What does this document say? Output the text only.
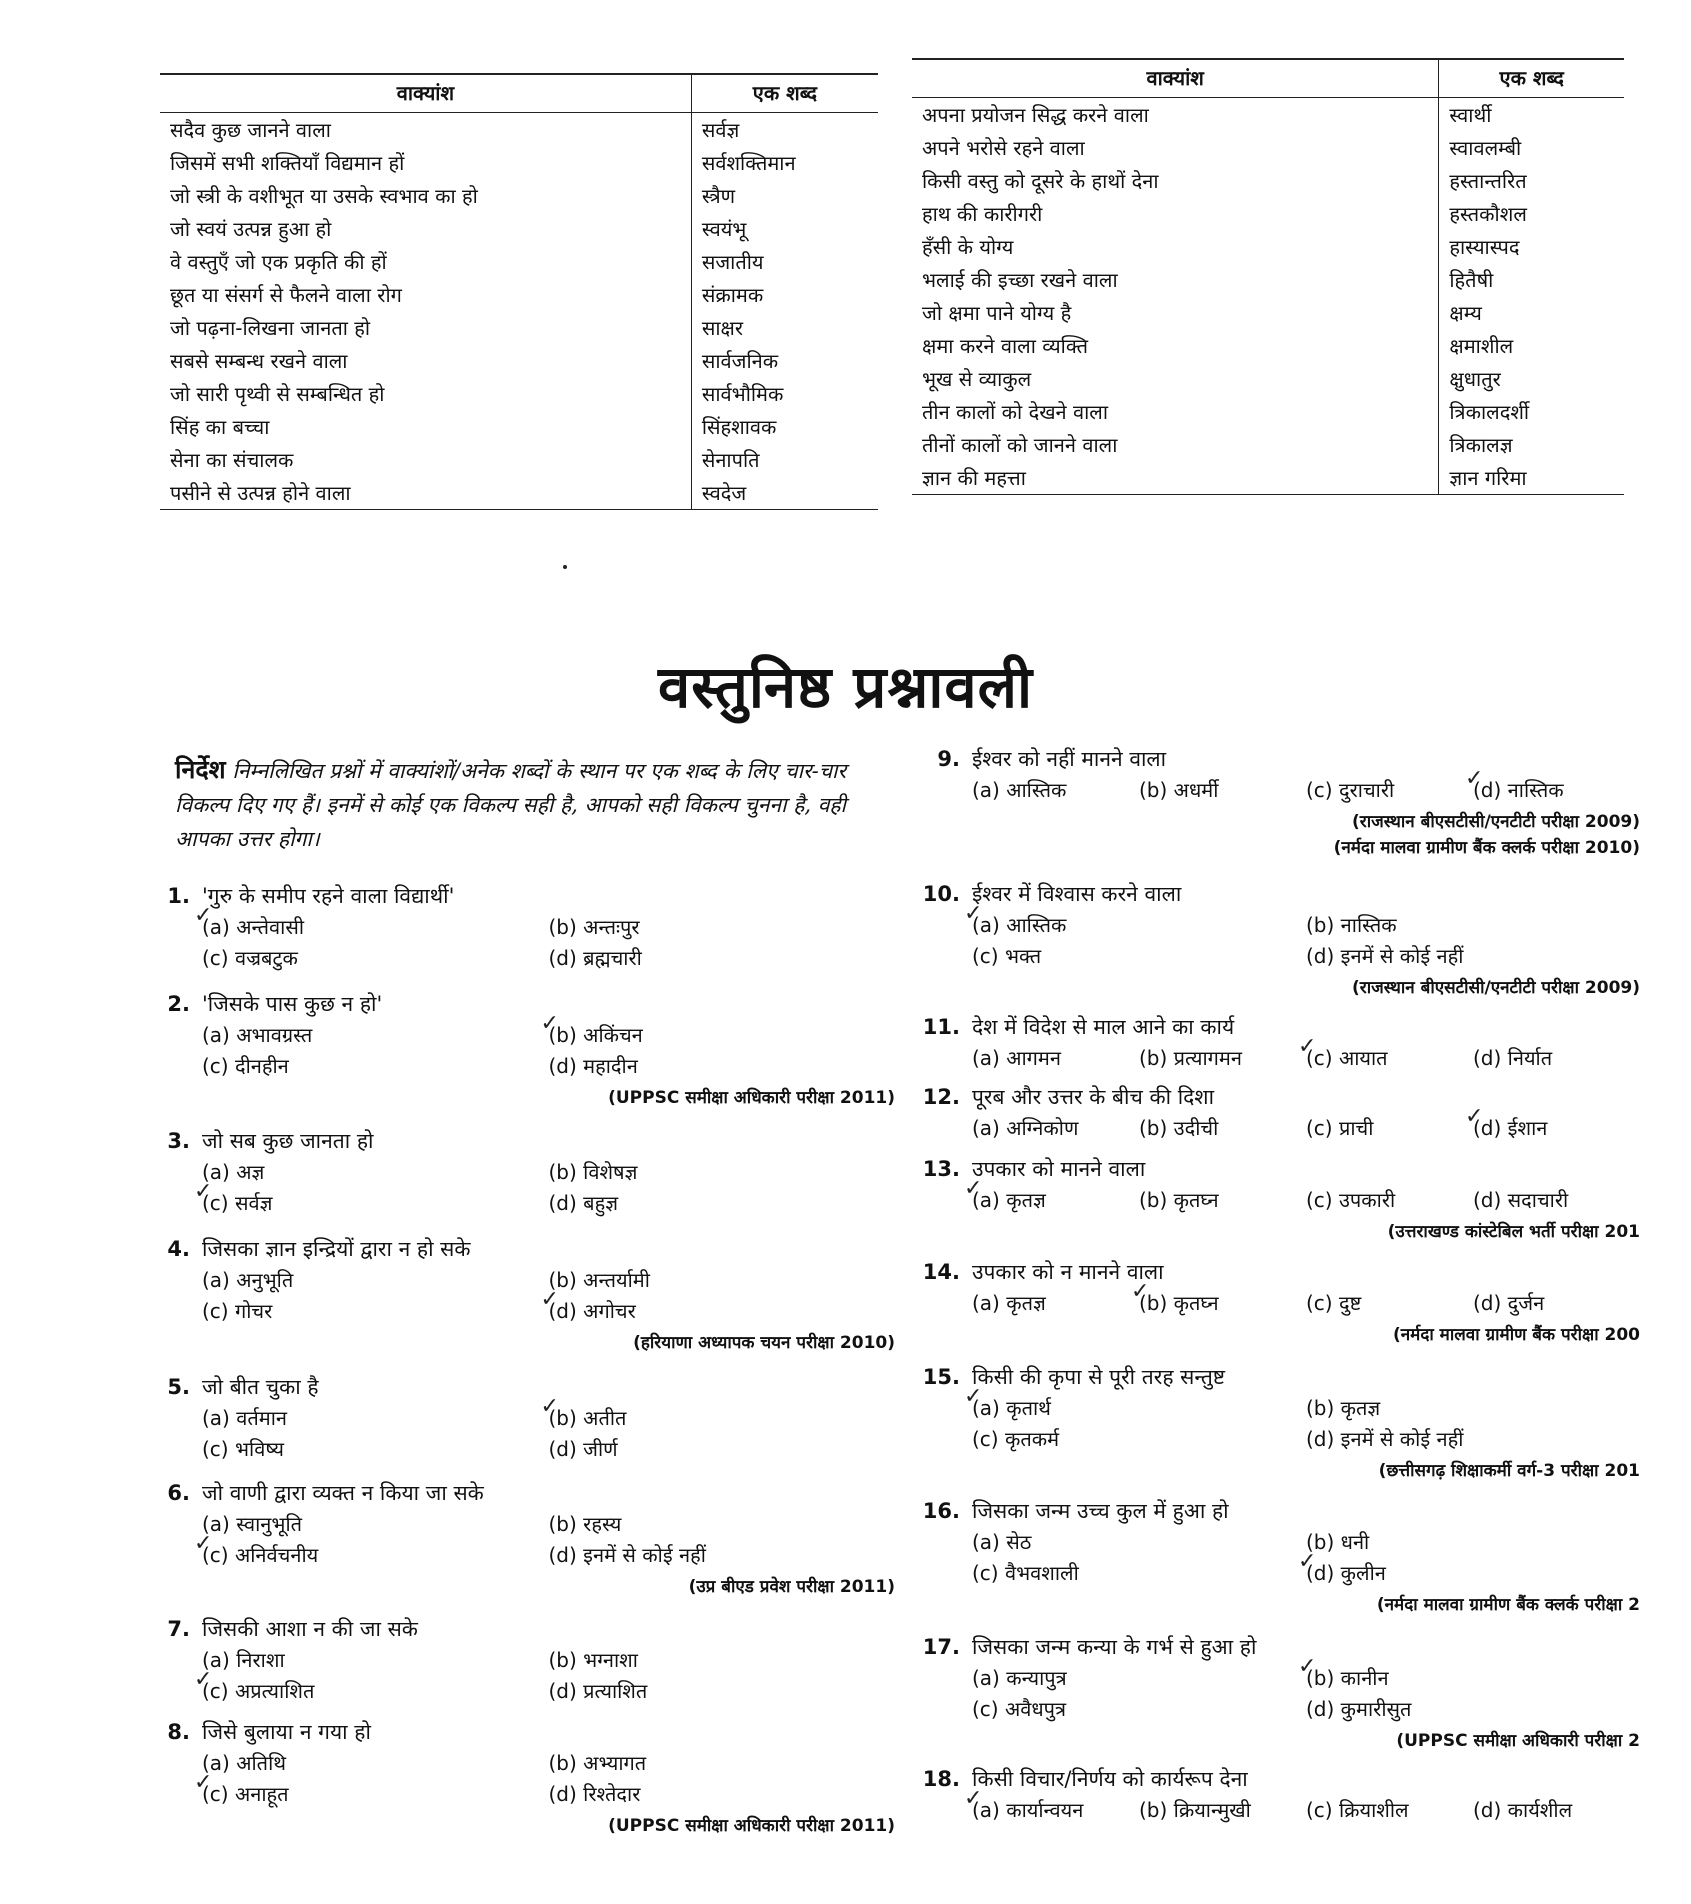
वाक्यांश	एक शब्द
सदैव कुछ जानने वाला	सर्वज्ञ
जिसमें सभी शक्तियाँ विद्यमान हों	सर्वशक्तिमान
जो स्त्री के वशीभूत या उसके स्वभाव का हो	स्त्रैण
जो स्वयं उत्पन्न हुआ हो	स्वयंभू
वे वस्तुएँ जो एक प्रकृति की हों	सजातीय
छूत या संसर्ग से फैलने वाला रोग	संक्रामक
जो पढ़ना-लिखना जानता हो	साक्षर
सबसे सम्बन्ध रखने वाला	सार्वजनिक
जो सारी पृथ्वी से सम्बन्धित हो	सार्वभौमिक
सिंह का बच्चा	सिंहशावक
सेना का संचालक	सेनापति
पसीने से उत्पन्न होने वाला	स्वदेज
वाक्यांश	एक शब्द
अपना प्रयोजन सिद्ध करने वाला	स्वार्थी
अपने भरोसे रहने वाला	स्वावलम्बी
किसी वस्तु को दूसरे के हाथों देना	हस्तान्तरित
हाथ की कारीगरी	हस्तकौशल
हँसी के योग्य	हास्यास्पद
भलाई की इच्छा रखने वाला	हितैषी
जो क्षमा पाने योग्य है	क्षम्य
क्षमा करने वाला व्यक्ति	क्षमाशील
भूख से व्याकुल	क्षुधातुर
तीन कालों को देखने वाला	त्रिकालदर्शी
तीनों कालों को जानने वाला	त्रिकालज्ञ
ज्ञान की महत्ता	ज्ञान गरिमा
वस्तुनिष्ठ प्रश्नावली
निर्देश निम्नलिखित प्रश्नों में वाक्यांशों/अनेक शब्दों के स्थान पर एक शब्द के लिए चार-चार विकल्प दिए गए हैं। इनमें से कोई एक विकल्प सही है, आपको सही विकल्प चुनना है, वही आपका उत्तर होगा।
1. 'गुरु के समीप रहने वाला विद्यार्थी'
(a) अन्तेवासी ✓	(b) अन्तःपुर
(c) वज्रबटुक	(d) ब्रह्मचारी
2. 'जिसके पास कुछ न हो'
(a) अभावग्रस्त	(b) अकिंचन ✓
(c) दीनहीन	(d) महादीन
(UPPSC समीक्षा अधिकारी परीक्षा 2011)
3. जो सब कुछ जानता हो
(a) अज्ञ	(b) विशेषज्ञ
(c) सर्वज्ञ ✓	(d) बहुज्ञ
4. जिसका ज्ञान इन्द्रियों द्वारा न हो सके
(a) अनुभूति	(b) अन्तर्यामी
(c) गोचर	(d) अगोचर ✓
(हरियाणा अध्यापक चयन परीक्षा 2010)
5. जो बीत चुका है
(a) वर्तमान	(b) अतीत ✓
(c) भविष्य	(d) जीर्ण
6. जो वाणी द्वारा व्यक्त न किया जा सके
(a) स्वानुभूति	(b) रहस्य
(c) अनिर्वचनीय ✓	(d) इनमें से कोई नहीं
(उप्र बीएड प्रवेश परीक्षा 2011)
7. जिसकी आशा न की जा सके
(a) निराशा	(b) भग्नाशा
(c) अप्रत्याशित ✓	(d) प्रत्याशित
8. जिसे बुलाया न गया हो
(a) अतिथि	(b) अभ्यागत
(c) अनाहूत ✓	(d) रिश्तेदार
(UPPSC समीक्षा अधिकारी परीक्षा 2011)
9. ईश्वर को नहीं मानने वाला
(a) आस्तिक	(b) अधर्मी	(c) दुराचारी	(d) नास्तिक ✓
(राजस्थान बीएसटीसी/एनटीटी परीक्षा 2009)
(नर्मदा मालवा ग्रामीण बैंक क्लर्क परीक्षा 2010)
10. ईश्वर में विश्वास करने वाला
(a) आस्तिक ✓	(b) नास्तिक
(c) भक्त	(d) इनमें से कोई नहीं
(राजस्थान बीएसटीसी/एनटीटी परीक्षा 2009)
11. देश में विदेश से माल आने का कार्य
(a) आगमन	(b) प्रत्यागमन	(c) आयात ✓	(d) निर्यात
12. पूरब और उत्तर के बीच की दिशा
(a) अग्निकोण	(b) उदीची	(c) प्राची	(d) ईशान ✓
13. उपकार को मानने वाला
(a) कृतज्ञ ✓	(b) कृतघ्न	(c) उपकारी	(d) सदाचारी
(उत्तराखण्ड कांस्टेबिल भर्ती परीक्षा 201
14. उपकार को न मानने वाला
(a) कृतज्ञ	(b) कृतघ्न ✓	(c) दुष्ट	(d) दुर्जन
(नर्मदा मालवा ग्रामीण बैंक परीक्षा 200
15. किसी की कृपा से पूरी तरह सन्तुष्ट
(a) कृतार्थ ✓	(b) कृतज्ञ
(c) कृतकर्म	(d) इनमें से कोई नहीं
(छत्तीसगढ़ शिक्षाकर्मी वर्ग-3 परीक्षा 201
16. जिसका जन्म उच्च कुल में हुआ हो
(a) सेठ	(b) धनी
(c) वैभवशाली	(d) कुलीन ✓
(नर्मदा मालवा ग्रामीण बैंक क्लर्क परीक्षा 2
17. जिसका जन्म कन्या के गर्भ से हुआ हो
(a) कन्यापुत्र	(b) कानीन ✓
(c) अवैधपुत्र	(d) कुमारीसुत
(UPPSC समीक्षा अधिकारी परीक्षा 2
18. किसी विचार/निर्णय को कार्यरूप देना
(a) कार्यान्वयन ✓	(b) क्रियान्मुखी	(c) क्रियाशील	(d) कार्यशील
